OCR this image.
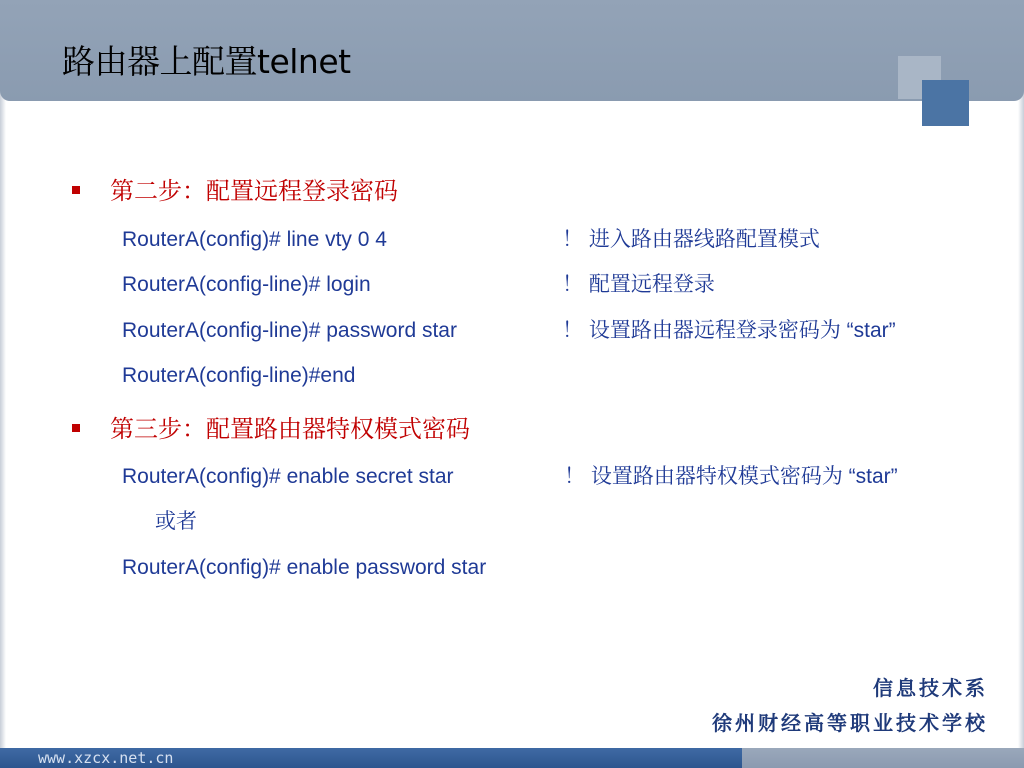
路由器上配置telnet
第二步：配置远程登录密码
RouterA(config)# line vty 0 4	！ 进入路由器线路配置模式
RouterA(config-line)# login	！ 配置远程登录
RouterA(config-line)# password star	！ 设置路由器远程登录密码为 “star”
RouterA(config-line)#end
第三步：配置路由器特权模式密码
RouterA(config)# enable secret star	！ 设置路由器特权模式密码为 “star”
或者
RouterA(config)# enable password star
信息技术系
徐州财经高等职业技术学校
www.xzcx.net.cn
